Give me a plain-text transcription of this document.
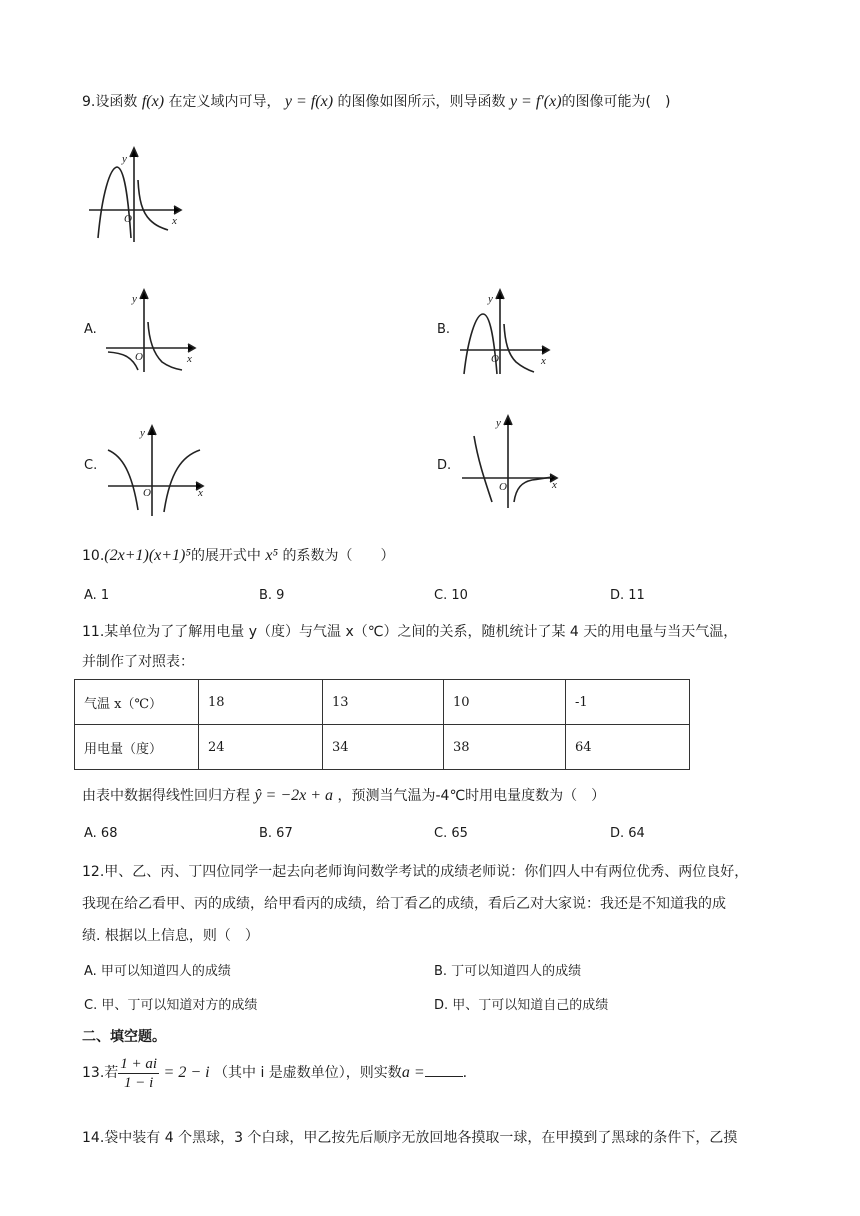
9.设函数 f(x) 在定义域内可导， y = f(x) 的图像如图所示，则导函数 y = f′(x)的图像可能为(　)
y
x
O
A.
y
x
O
B.
y
x
O
C.
y
x
O
D.
y
x
O
10.(2x+1)(x+1)⁵的展开式中 x⁵ 的系数为（　　）
A. 1	B. 9	C. 10	D. 11
11.某单位为了了解用电量 y（度）与气温 x（℃）之间的关系，随机统计了某 4 天的用电量与当天气温，
并制作了对照表：
气温 x（℃）	18	13	10	-1
用电量（度）	24	34	38	64
由表中数据得线性回归方程 ŷ = −2x + a ，预测当气温为-4℃时用电量度数为（　）
A. 68	B. 67	C. 65	D. 64
12.甲、乙、丙、丁四位同学一起去向老师询问数学考试的成绩老师说：你们四人中有两位优秀、两位良好，
我现在给乙看甲、丙的成绩，给甲看丙的成绩，给丁看乙的成绩，看后乙对大家说：我还是不知道我的成
绩. 根据以上信息，则（　）
A. 甲可以知道四人的成绩	B. 丁可以知道四人的成绩
C. 甲、丁可以知道对方的成绩	D. 甲、丁可以知道自己的成绩
二、填空题。
13.若 $\frac{1 + ai}{1 - i} = 2 - i$ （其中 i 是虚数单位），则实数a =	.
14.袋中装有 4 个黑球，3 个白球，甲乙按先后顺序无放回地各摸取一球，在甲摸到了黑球的条件下，乙摸
